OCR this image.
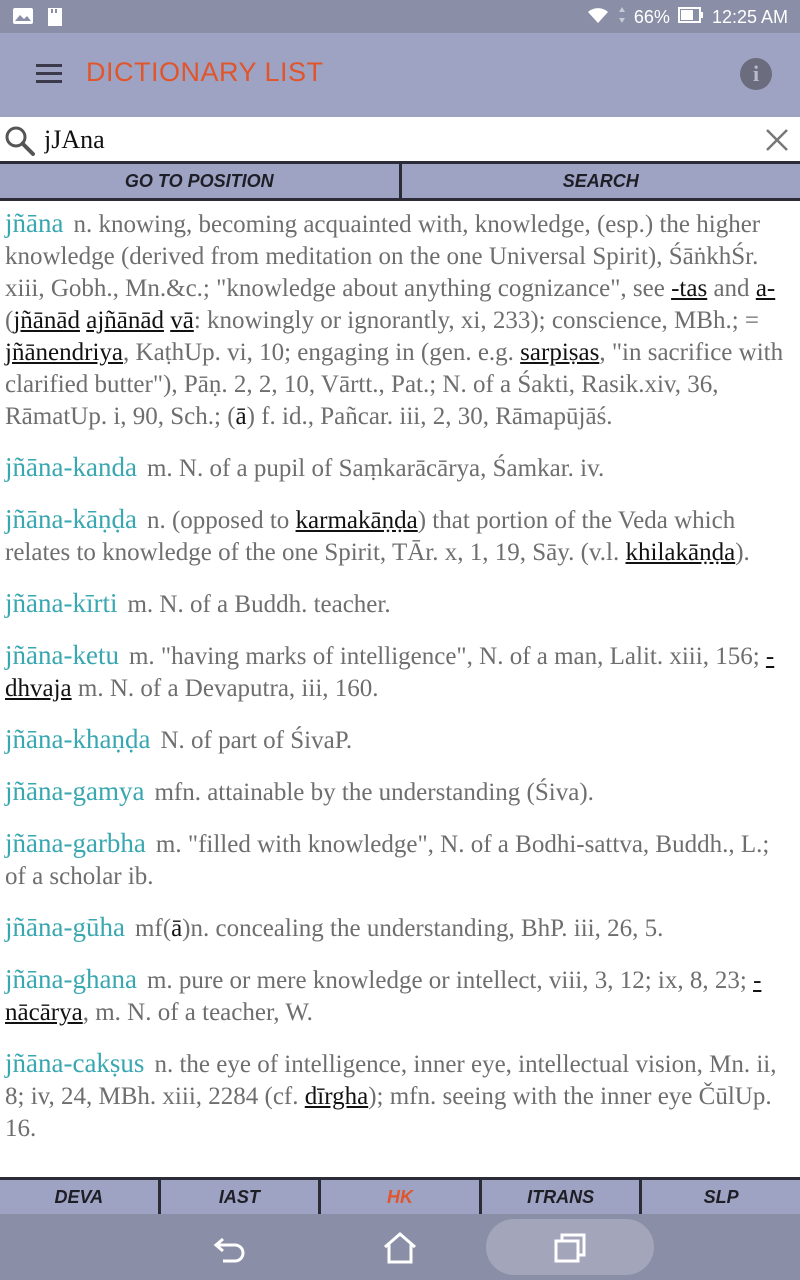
66% 12:25 AM
DICTIONARY LIST	i
jJAna
GO TO POSITION	SEARCH
jñāna n. knowing, becoming acquainted with, knowledge, (esp.) the higher knowledge (derived from meditation on the one Universal Spirit), ŚāṅkhŚr. xiii, Gobh., Mn.&c.; "knowledge about anything cognizance", see -tas and a- (jñānād ajñānād vā: knowingly or ignorantly, xi, 233); conscience, MBh.; = jñānendriya, KaṭhUp. vi, 10; engaging in (gen. e.g. sarpiṣas, "in sacrifice with clarified butter"), Pāṇ. 2, 2, 10, Vārtt., Pat.; N. of a Śakti, Rasik.xiv, 36, RāmatUp. i, 90, Sch.; (ā) f. id., Pañcar. iii, 2, 30, Rāmapūjāś.
jñāna-kanda m. N. of a pupil of Saṃkarācārya, Śamkar. iv.
jñāna-kāṇḍa n. (opposed to karmakāṇḍa) that portion of the Veda which relates to knowledge of the one Spirit, TĀr. x, 1, 19, Sāy. (v.l. khilakāṇḍa).
jñāna-kīrti m. N. of a Buddh. teacher.
jñāna-ketu m. "having marks of intelligence", N. of a man, Lalit. xiii, 156; -dhvaja m. N. of a Devaputra, iii, 160.
jñāna-khaṇḍa N. of part of ŚivaP.
jñāna-gamya mfn. attainable by the understanding (Śiva).
jñāna-garbha m. "filled with knowledge", N. of a Bodhi-sattva, Buddh., L.; of a scholar ib.
jñāna-gūha mf(ā)n. concealing the understanding, BhP. iii, 26, 5.
jñāna-ghana m. pure or mere knowledge or intellect, viii, 3, 12; ix, 8, 23; -nācārya, m. N. of a teacher, W.
jñāna-cakṣus n. the eye of intelligence, inner eye, intellectual vision, Mn. ii, 8; iv, 24, MBh. xiii, 2284 (cf. dīrgha); mfn. seeing with the inner eye ČūlUp. 16.
DEVA	IAST	HK	ITRANS	SLP
